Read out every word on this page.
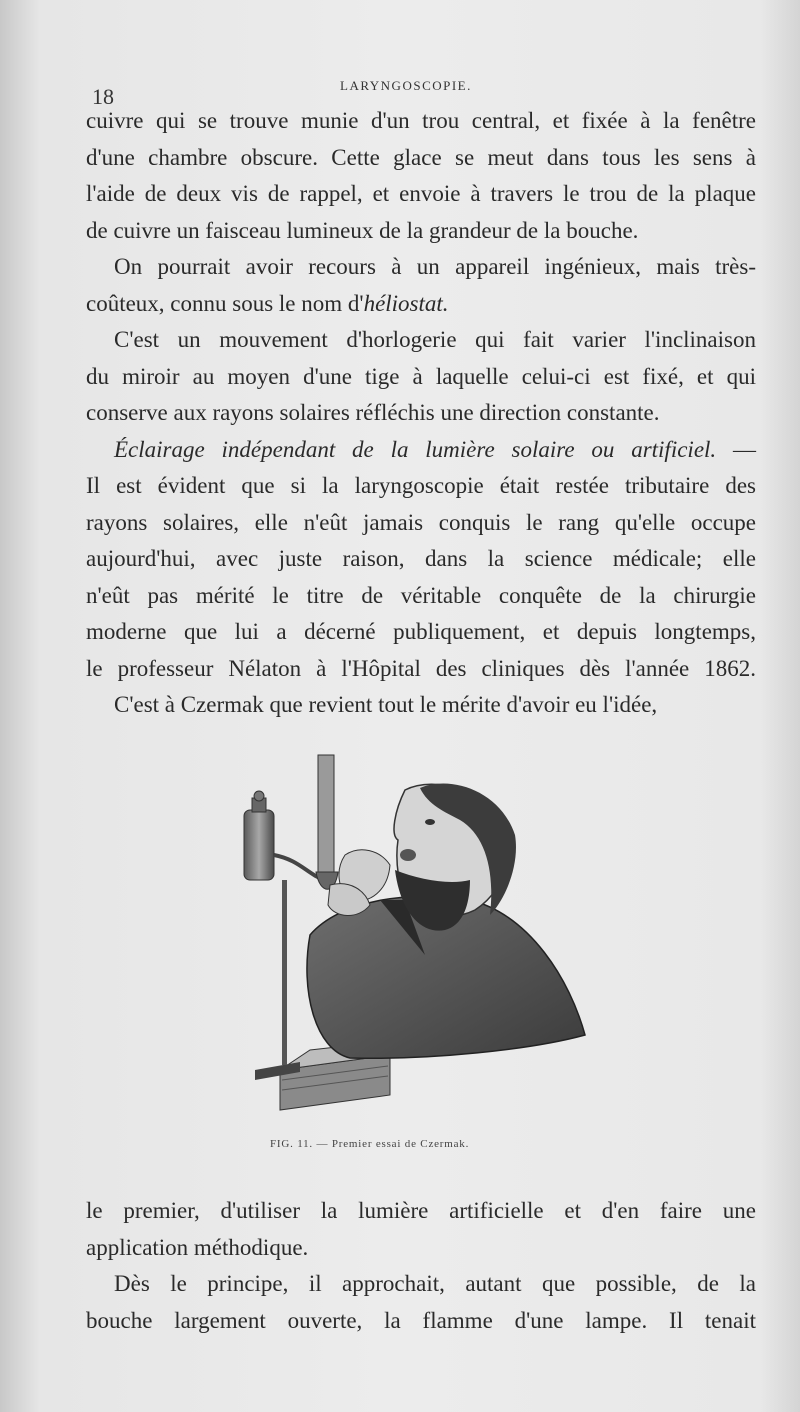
18	LARYNGOSCOPIE.
cuivre qui se trouve munie d'un trou central, et fixée à la fenêtre
d'une chambre obscure. Cette glace se meut dans tous les sens à
l'aide de deux vis de rappel, et envoie à travers le trou de la plaque
de cuivre un faisceau lumineux de la grandeur de la bouche.
On pourrait avoir recours à un appareil ingénieux, mais très-
coûteux, connu sous le nom d'héliostat.
C'est un mouvement d'horlogerie qui fait varier l'inclinaison
du miroir au moyen d'une tige à laquelle celui-ci est fixé, et qui
conserve aux rayons solaires réfléchis une direction constante.
Éclairage indépendant de la lumière solaire ou artificiel. —
Il est évident que si la laryngoscopie était restée tributaire des
rayons solaires, elle n'eût jamais conquis le rang qu'elle occupe
aujourd'hui, avec juste raison, dans la science médicale; elle
n'eût pas mérité le titre de véritable conquête de la chirurgie
moderne que lui a décerné publiquement, et depuis longtemps,
le professeur Nélaton à l'Hôpital des cliniques dès l'année 1862.
C'est à Czermak que revient tout le mérite d'avoir eu l'idée,
FIG. 11. — Premier essai de Czermak.
le premier, d'utiliser la lumière artificielle et d'en faire une
application méthodique.
Dès le principe, il approchait, autant que possible, de la
bouche largement ouverte, la flamme d'une lampe. Il tenait
